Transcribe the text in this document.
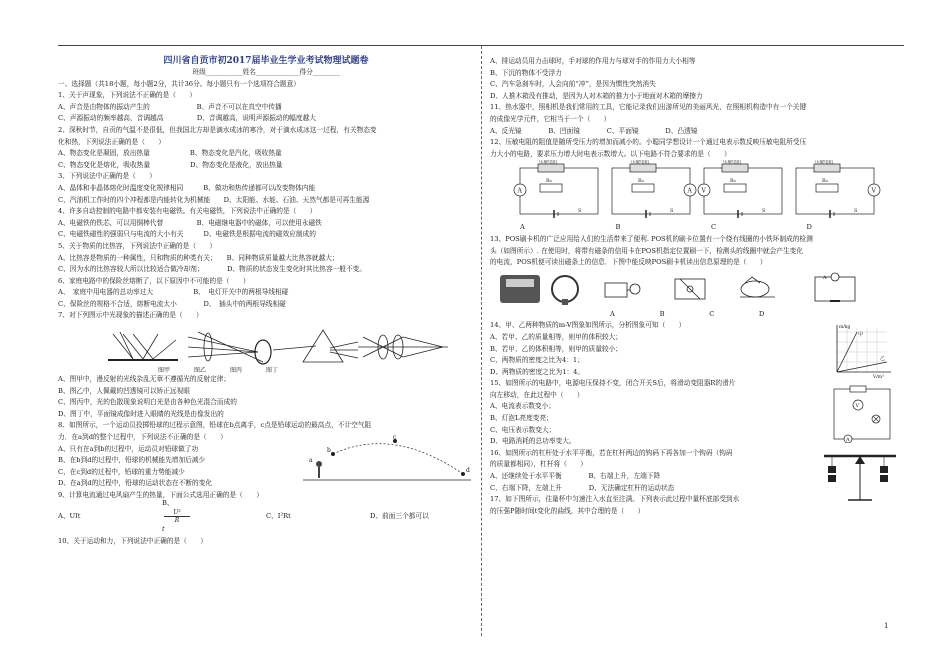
四川省自贡市初2017届毕业生学业考试物理试题卷
班级___________姓名_____________得分________
一、选择题（共18小题，每小题2分，共计36分。每小题只有一个选项符合题意）
1、关于声现象，下列说法不正确的是（　　）
A、声音是由物体的振动产生的　　　　　　　B、声音不可以在真空中传播
C、声源振动的频率越高，音调越高　　　　　D、音调越高，说明声源振动的幅度越大
2、深秋时节，自贡的气温不是很低，但我国北方却是滴水成冰的寒冷，对于滴水成冰这一过程，有关物态变
化和热，下列说法正确的是（　　）
A、物态变化是凝固，放出热量　　　　　　B、物态变化是汽化，吸收热量
C、物态变化是熔化，吸收热量　　　　　　D、物态变化是液化，放出热量
3、下列说法中正确的是（　　）
A、晶体和非晶体熔化时温度变化规律相同　　　B、做功和热传递都可以改变物体内能
C、汽油机工作时的四个冲程都是内能转化为机械能　　D、太阳能、水能、石油、天然气都是可再生能源
4、许多自动控制的电路中都安装有电磁铁。有关电磁铁，下列说法中正确的是（　　）
A、电磁铁的铁芯，可以用铜棒代替　　　　　B、电磁继电器中的磁体，可以使用永磁铁
C、电磁铁磁性的强弱只与电流的大小有关　　　D、电磁铁是根据电流的磁效应制成的
5、关于物质的比热容，下列说法中正确的是（　　）
A、比热容是物质的一种属性，只和物质的种类有关；　　B、同种物质质量越大比热容就越大；
C、因为水的比热容较大所以比较适合做冷却剂；　　　　D、物质的状态发生变化时其比热容一般不变。
6、家庭电路中的保险丝熔断了，以下原因中不可能的是（　　）
A、　家庭中用电器的总功率过大　　　　　　B、　电灯开关中的两根导线相碰
C、保险丝的规格不合适，熔断电流太小　　　　D、　插头中的两根导线相碰
7、对下列图示中光现象的描述正确的是（　　）
图甲　　　　图乙　　　　图丙　　　　图丁
A、图甲中，漫反射的光线杂乱无章不遵循光的反射定律；
B、图乙中，人佩戴的凹透镜可以矫正远视眼
C、图丙中，光的色散现象说明白光是由各种色光混合而成的
D、图丁中，平面镜成像时进入眼睛的光线是由像发出的
8、如图所示，一个运动员投掷铅球的过程示意图，铅球在b点离手，c点是铅球运动的最高点，不计空气阻
力．在a到d的整个过程中，下列说法不正确的是（　　）
A、只有在a到b的过程中，运动员对铅球做了功
B、在b到d的过程中，铅球的机械能先增加后减少
C、在c到d的过程中，铅球的重力势能减少
D、在a到d的过程中，铅球的运动状态在不断的变化
9、计算电流通过电风扇产生的热量，下面公式选用正确的是（　　）
a
b
c
d
A、UIt
B、
U²
R
t
C、I²Rt	D、前面三个都可以
10、关于运动和力，下列说法中正确的是（　　）
A、排运动员用力击球时，手对球的作用力与球对手的作用力大小相等
B、下沉的物体不受浮力
C、汽车急刹车时，人会向前“冲”，是因为惯性突然消失
D、人推木箱没有推动，是因为人对木箱的推力小于地面对木箱的摩擦力
11、热水器中，照相机是我们常用的工具，它能记录我们出游所见的美丽风光，在照相机构造中有一个关键
的成像光学元件，它相当于一个（　　）
A、反光镜　　　　B、凹面镜　　　　C、平面镜　　　　D、凸透镜
12、压敏电阻的阻值是随所受压力的增加而减小的。小聪同学想设计一个通过电表示数反映压敏电阻所受压
力大小的电路，要求压力增大时电表示数增大。以下电路不符合要求的是（　　）
A
压敏电阻
R₀
S
A
压敏电阻
R₀
S
V
压敏电阻
R₀
S
V
压敏电阻
R₀
S
A	B	C	D
13、POS刷卡机的广泛应用给人们的生活带来了便利. POS机的刷卡位置有一个绕有线圈的小铁环制成的检测
头（如图所示）. 在使用时，将带有磁条的信用卡在POS机指定位置刷一下，检测头的线圈中就会产生变化
的电流，POS机便可读出磁条上的信息．下图中能反映POS刷卡机读出信息原理的是（　　）
A
A	B	C	D
14、甲、乙两种物质的m-V图象如图所示，分析图象可知（　　）
A、若甲、乙的质量相等，则甲的体积较大；
B、若甲、乙的体积相等，则甲的质量较小；
C、两物质的密度之比为4：1；
D、两物质的密度之比为1：4。
15、如图所示的电路中，电源电压保持不变，闭合开关S后，将滑动变阻器R的滑片
向左移动，在此过程中（　　）
A、电流表示数变小；
B、灯泡L亮度变亮；
C、电压表示数变大；
D、电路消耗的总功率变大。
16、如图所示的杠杆处于水平平衡，若在杠杆两边的钩码下再各加一个钩码（钩码
的质量都相同），杠杆将（　　）
A、还继续处于水平平衡　　　　B、右端上升，左端下降
C、右端下降，左端上升　　　　D、无法确定杠杆的运动状态
17、如下图所示，往量杯中匀速注入水直至注满。下列表示此过程中量杯底部受到水
的压强P随时间t变化的曲线，其中合理的是（　　）
m/kg
V/m³
甲
乙
V
A
1
